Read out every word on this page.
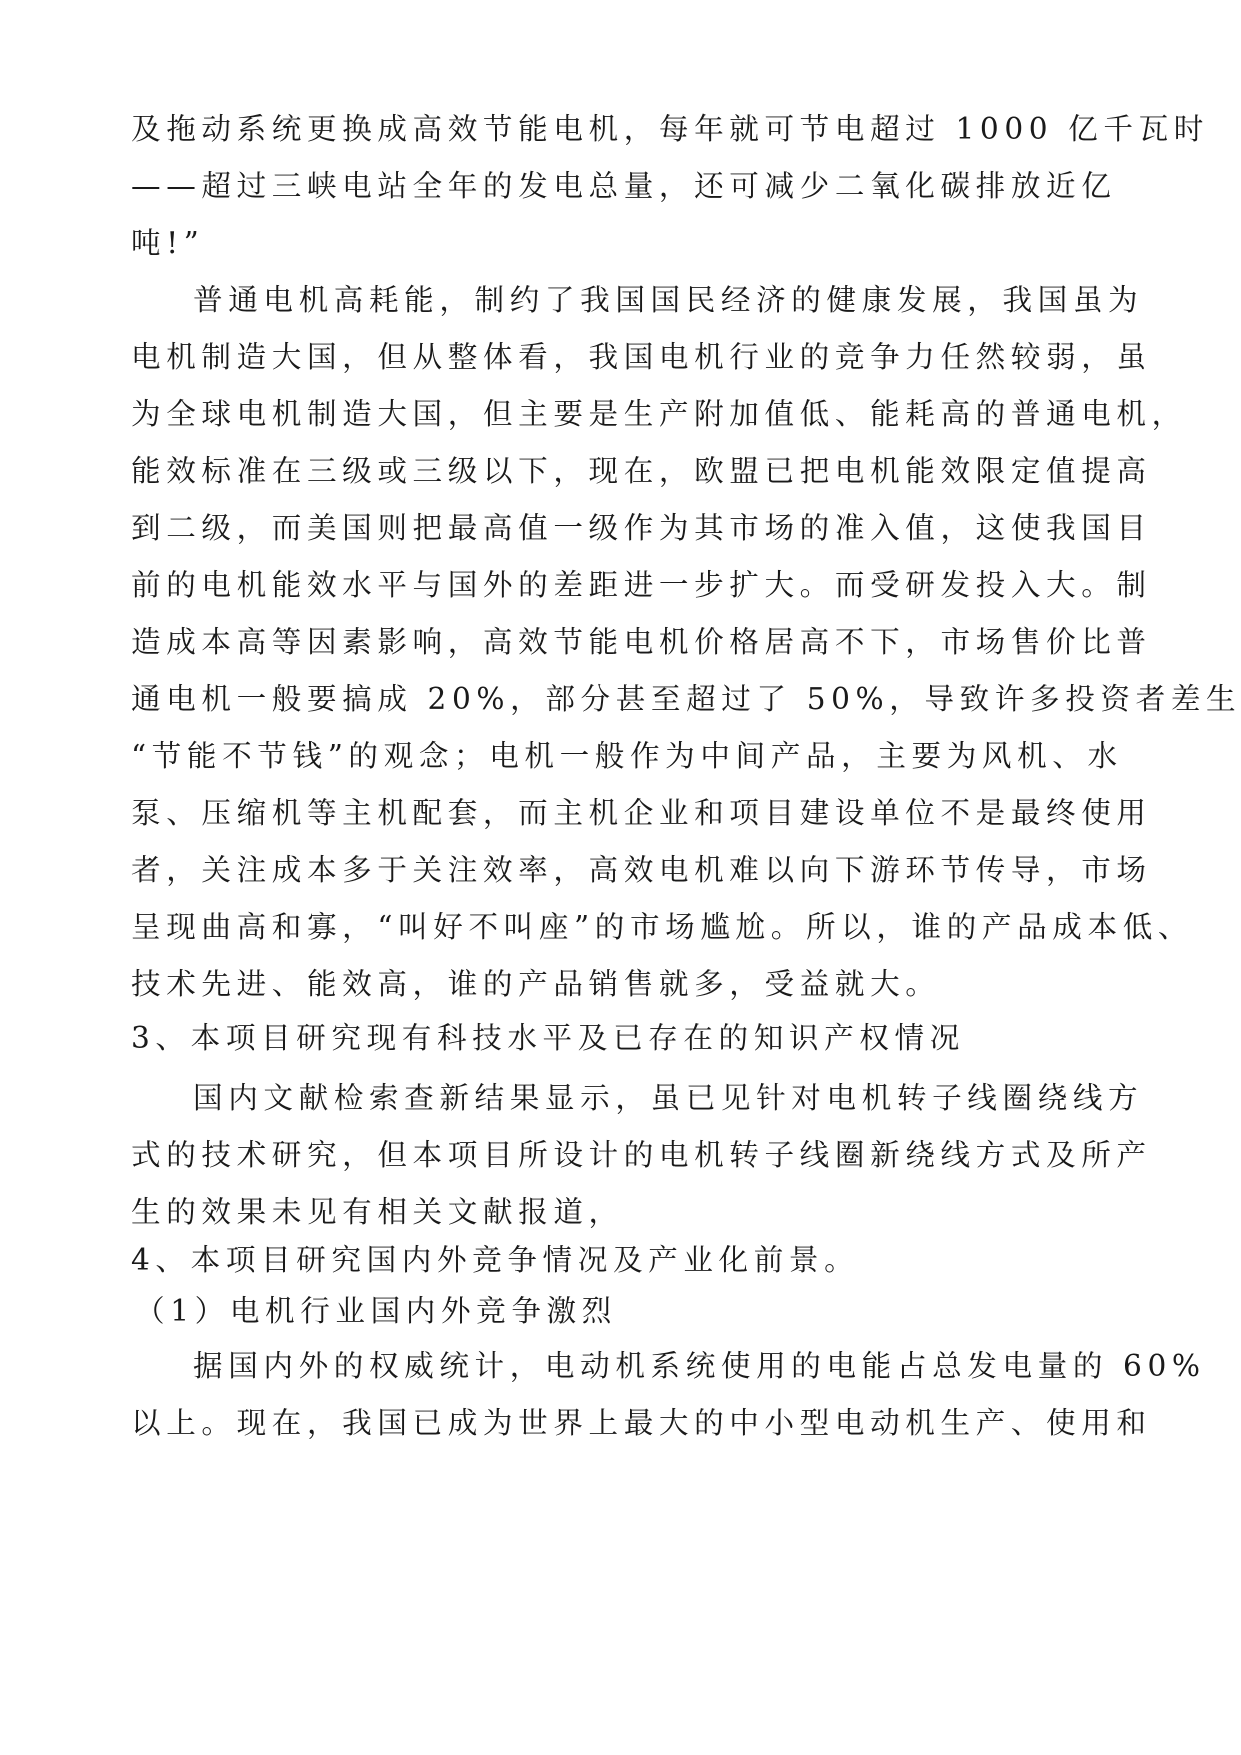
及拖动系统更换成高效节能电机，每年就可节电超过 1000 亿千瓦时
——超过三峡电站全年的发电总量，还可减少二氧化碳排放近亿
吨!”
普通电机高耗能，制约了我国国民经济的健康发展，我国虽为
电机制造大国，但从整体看，我国电机行业的竞争力任然较弱，虽
为全球电机制造大国，但主要是生产附加值低、能耗高的普通电机，
能效标准在三级或三级以下，现在，欧盟已把电机能效限定值提高
到二级，而美国则把最高值一级作为其市场的准入值，这使我国目
前的电机能效水平与国外的差距进一步扩大。而受研发投入大。制
造成本高等因素影响，高效节能电机价格居高不下，市场售价比普
通电机一般要搞成 20%，部分甚至超过了 50%，导致许多投资者差生
“节能不节钱”的观念；电机一般作为中间产品，主要为风机、水
泵、压缩机等主机配套，而主机企业和项目建设单位不是最终使用
者，关注成本多于关注效率，高效电机难以向下游环节传导，市场
呈现曲高和寡，“叫好不叫座”的市场尴尬。所以，谁的产品成本低、
技术先进、能效高，谁的产品销售就多，受益就大。
3、本项目研究现有科技水平及已存在的知识产权情况
国内文献检索查新结果显示，虽已见针对电机转子线圈绕线方
式的技术研究，但本项目所设计的电机转子线圈新绕线方式及所产
生的效果未见有相关文献报道，
4、本项目研究国内外竞争情况及产业化前景。
（1）电机行业国内外竞争激烈
据国内外的权威统计，电动机系统使用的电能占总发电量的 60%
以上。现在，我国已成为世界上最大的中小型电动机生产、使用和
